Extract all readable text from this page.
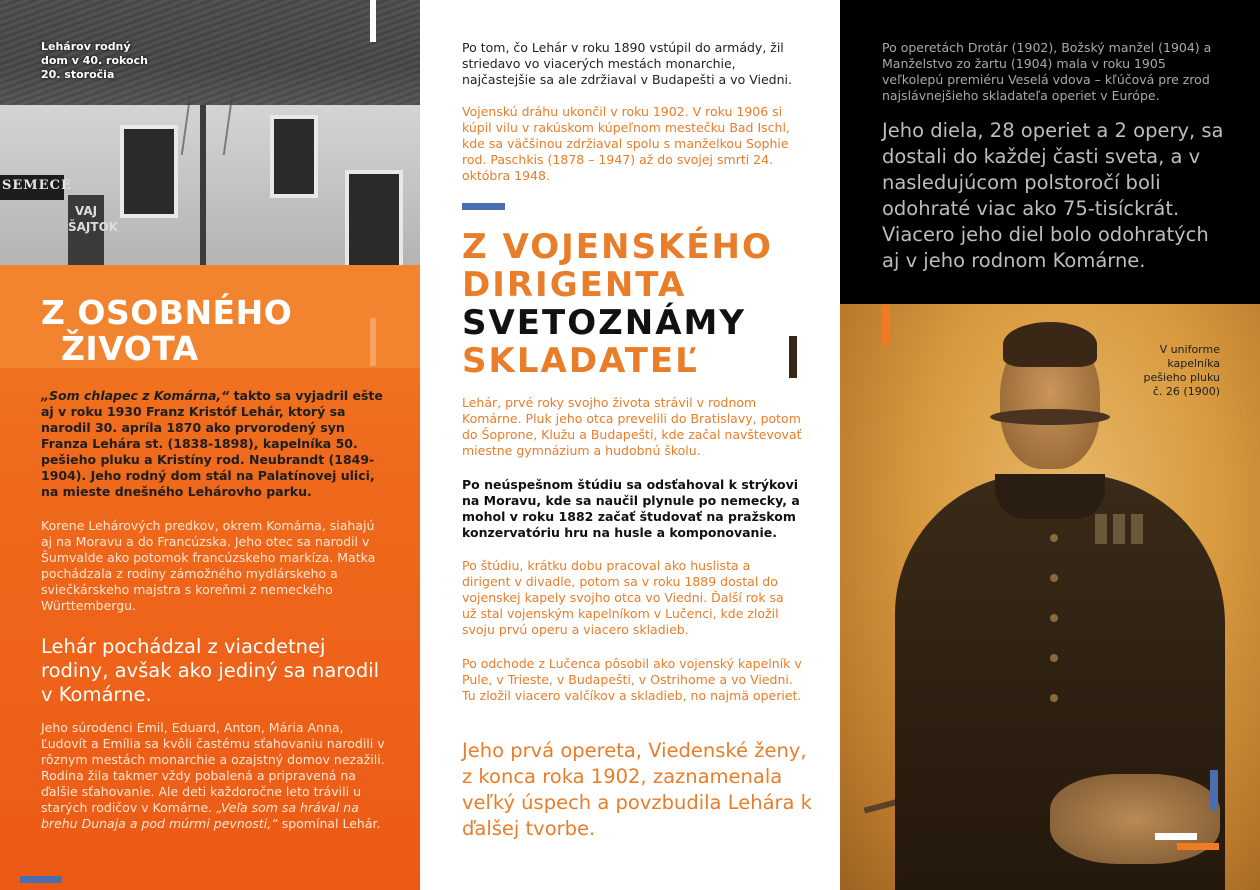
SEMECE
VAJ ŠAJTOK
Lehárov rodný dom v 40. rokoch 20. storočia
Z OSOBNÉHO
ŽIVOTA
„Som chlapec z Komárna,“ takto sa vyjadril ešte aj v roku 1930 Franz Kristóf Lehár, ktorý sa narodil 30. apríla 1870 ako prvorodený syn Franza Lehára st. (1838-1898), kapelníka 50. pešieho pluku a Kristíny rod. Neubrandt (1849-1904). Jeho rodný dom stál na Palatínovej ulici, na mieste dnešného Lehárovho parku.
Korene Lehárových predkov, okrem Komárna, siahajú aj na Moravu a do Francúzska. Jeho otec sa narodil v Šumvalde ako potomok francúzskeho markíza. Matka pochádzala z rodiny zámožného mydlárskeho a sviečkárskeho majstra s koreňmi z nemeckého Württembergu.
Lehár pochádzal z viacdetnej rodiny, avšak ako jediný sa narodil v Komárne.
Jeho súrodenci Emil, Eduard, Anton, Mária Anna, Ľudovít a Emília sa kvôli častému sťahovaniu narodili v rôznym mestách monarchie a ozajstný domov nezažili. Rodina žila takmer vždy pobalená a pripravená na ďalšie sťahovanie. Ale deti každoročne leto trávili u starých rodičov v Komárne. „Veľa som sa hrával na brehu Dunaja a pod múrmi pevnosti,“ spomínal Lehár.
Po tom, čo Lehár v roku 1890 vstúpil do armády, žil striedavo vo viacerých mestách monarchie, najčastejšie sa ale zdržiaval v Budapešti a vo Viedni.
Vojenskú dráhu ukončil v roku 1902. V roku 1906 si kúpil vilu v rakúskom kúpeľnom mestečku Bad Ischl, kde sa väčšinou zdržiaval spolu s manželkou Sophie rod. Paschkis (1878 – 1947) až do svojej smrti 24. októbra 1948.
Z VOJENSKÉHO
DIRIGENTA
SVETOZNÁMY
SKLADATEĽ
Lehár, prvé roky svojho života strávil v rodnom Komárne. Pluk jeho otca prevelili do Bratislavy, potom do Šoprone, Klužu a Budapešti, kde začal navštevovať miestne gymnázium a hudobnú školu.
Po neúspešnom štúdiu sa odsťahoval k strýkovi na Moravu, kde sa naučil plynule po nemecky, a mohol v roku 1882 začať študovať na pražskom konzervatóriu hru na husle a komponovanie.
Po štúdiu, krátku dobu pracoval ako huslista a dirigent v divadle, potom sa v roku 1889 dostal do vojenskej kapely svojho otca vo Viedni. Ďalší rok sa už stal vojenským kapelníkom v Lučenci, kde zložil svoju prvú operu a viacero skladieb.
Po odchode z Lučenca pôsobil ako vojenský kapelník v Pule, v Trieste, v Budapešti, v Ostrihome a vo Viedni. Tu zložil viacero valčíkov a skladieb, no najmä operiet.
Jeho prvá opereta, Viedenské ženy, z konca roka 1902, zaznamenala veľký úspech a povzbudila Lehára k ďalšej tvorbe.
Po operetách Drotár (1902), Božský manžel (1904) a Manželstvo zo žartu (1904) mala v roku 1905 veľkolepú premiéru Veselá vdova – kľúčová pre zrod najslávnejšieho skladateľa operiet v Európe.
Jeho diela, 28 operiet a 2 opery, sa dostali do každej časti sveta, a v nasledujúcom polstoročí boli odohraté viac ako 75-tisíckrát. Viacero jeho diel bolo odohratých aj v jeho rodnom Komárne.
V uniforme kapelníka pešieho pluku č. 26 (1900)
